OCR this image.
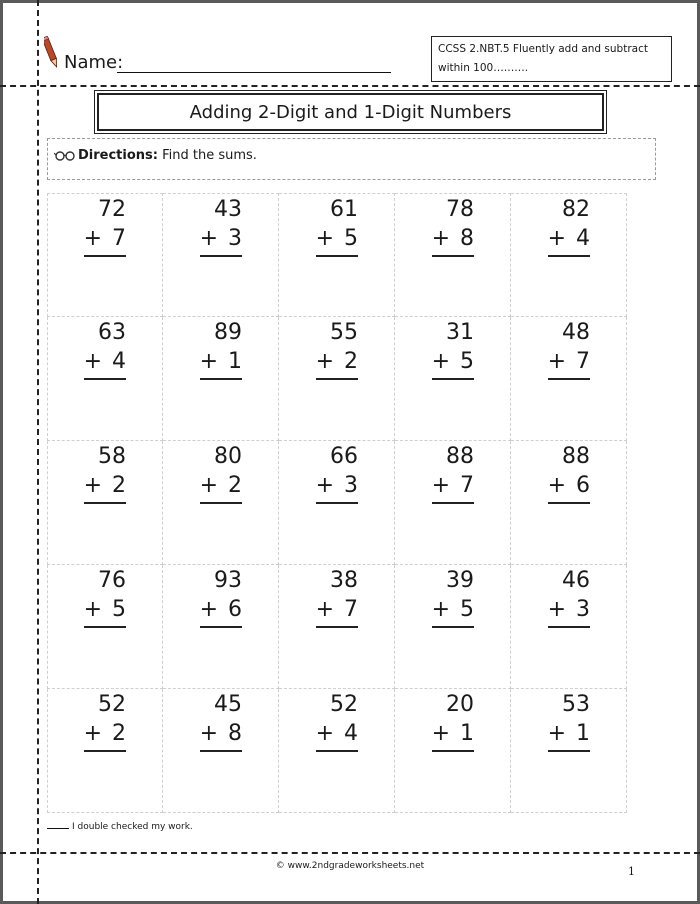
Name:
CCSS 2.NBT.5 Fluently add and subtract within 100……….
Adding 2-Digit and 1-Digit Numbers
Directions: Find the sums.
72
+ 7
43
+ 3
61
+ 5
78
+ 8
82
+ 4
63
+ 4
89
+ 1
55
+ 2
31
+ 5
48
+ 7
58
+ 2
80
+ 2
66
+ 3
88
+ 7
88
+ 6
76
+ 5
93
+ 6
38
+ 7
39
+ 5
46
+ 3
52
+ 2
45
+ 8
52
+ 4
20
+ 1
53
+ 1
I double checked my work.
© www.2ndgradeworksheets.net	1
